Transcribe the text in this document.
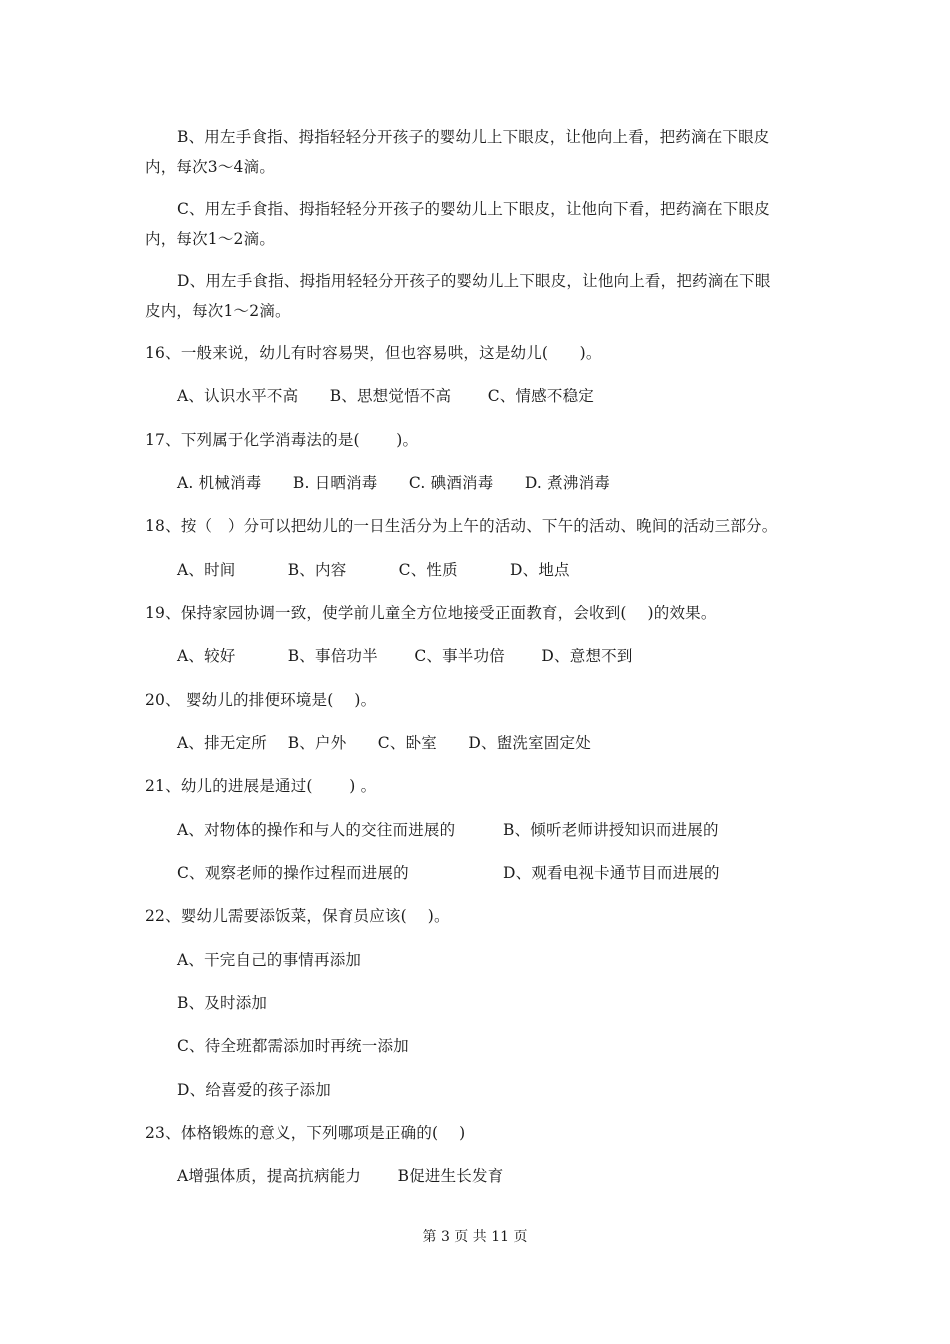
B、用左手食指、拇指轻轻分开孩子的婴幼儿上下眼皮，让他向上看，把药滴在下眼皮
内，每次3～4滴。
C、用左手食指、拇指轻轻分开孩子的婴幼儿上下眼皮，让他向下看，把药滴在下眼皮
内，每次1～2滴。
D、用左手食指、拇指用轻轻分开孩子的婴幼儿上下眼皮，让他向上看，把药滴在下眼
皮内，每次1～2滴。
16、一般来说，幼儿有时容易哭，但也容易哄，这是幼儿(　　)。
A、认识水平不高　　B、思想觉悟不高　　 C、情感不稳定
17、下列属于化学消毒法的是(　　 )。
A. 机械消毒　　B. 日晒消毒　　C. 碘酒消毒　　D. 煮沸消毒
18、按（　）分可以把幼儿的一日生活分为上午的活动、下午的活动、晚间的活动三部分。
A、时间　　　 B、内容　　　 C、性质　　　 D、地点
19、保持家园协调一致，使学前儿童全方位地接受正面教育，会收到(　 )的效果。
A、较好　　　 B、事倍功半　　 C、事半功倍　　 D、意想不到
20、 婴幼儿的排便环境是(　 )。
A、排无定所　 B、户外　　C、卧室　　D、盥洗室固定处
21、幼儿的进展是通过(　　 ) 。
A、对物体的操作和与人的交往而进展的	B、倾听老师讲授知识而进展的
C、观察老师的操作过程而进展的	D、观看电视卡通节目而进展的
22、婴幼儿需要添饭菜，保育员应该(　 )。
A、干完自己的事情再添加
B、及时添加
C、待全班都需添加时再统一添加
D、给喜爱的孩子添加
23、体格锻炼的意义，下列哪项是正确的(　 )
A增强体质，提高抗病能力　　 B促进生长发育
第 3 页 共 11 页
